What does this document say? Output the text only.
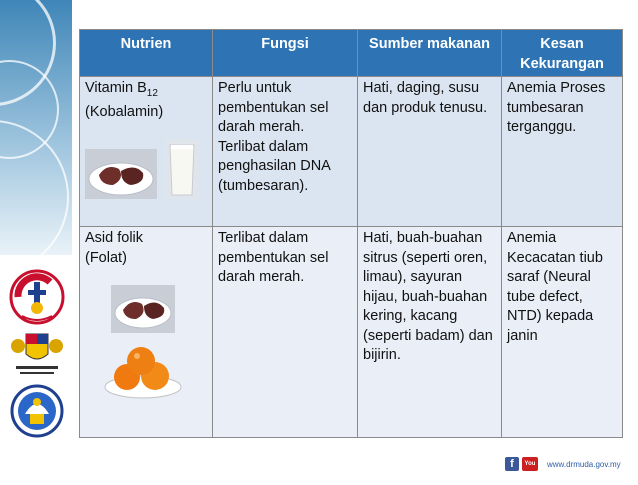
Nutrien	Fungsi	Sumber makanan	Kesan Kekurangan

Vitamin $B_{12}$
(Kobalamin)	Perlu untuk pembentukan sel darah merah. Terlibat dalam penghasilan DNA (tumbesaran).	Hati, daging, susu dan produk tenusu.	Anemia Proses tumbesaran terganggu.

Asid folik
(Folat)	Terlibat dalam pembentukan sel darah merah.	Hati, buah-buahan sitrus (seperti oren, limau), sayuran hijau, buah-buahan kering, kacang (seperti badam) dan bijirin.	Anemia Kecacatan tiub saraf (Neural tube defect, NTD) kepada janin
f	You Tube
www.drmuda.gov.my
